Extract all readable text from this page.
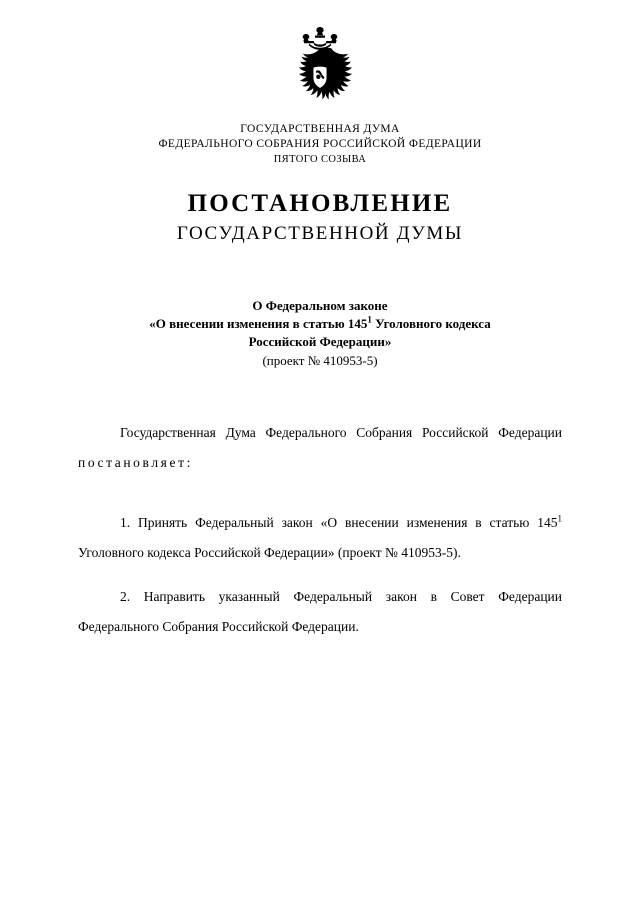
ГОСУДАРСТВЕННАЯ ДУМА
ФЕДЕРАЛЬНОГО СОБРАНИЯ РОССИЙСКОЙ ФЕДЕРАЦИИ
ПЯТОГО СОЗЫВА
ПОСТАНОВЛЕНИЕ
ГОСУДАРСТВЕННОЙ ДУМЫ
О Федеральном законе
«О внесении изменения в статью $145^1$ Уголовного кодекса
Российской Федерации»
(проект № 410953-5)
Государственная Дума Федерального Собрания Российской Федерации постановляет:
1. Принять Федеральный закон «О внесении изменения в статью $145^1$ Уголовного кодекса Российской Федерации» (проект № 410953-5).
2. Направить указанный Федеральный закон в Совет Федерации Федерального Собрания Российской Федерации.
